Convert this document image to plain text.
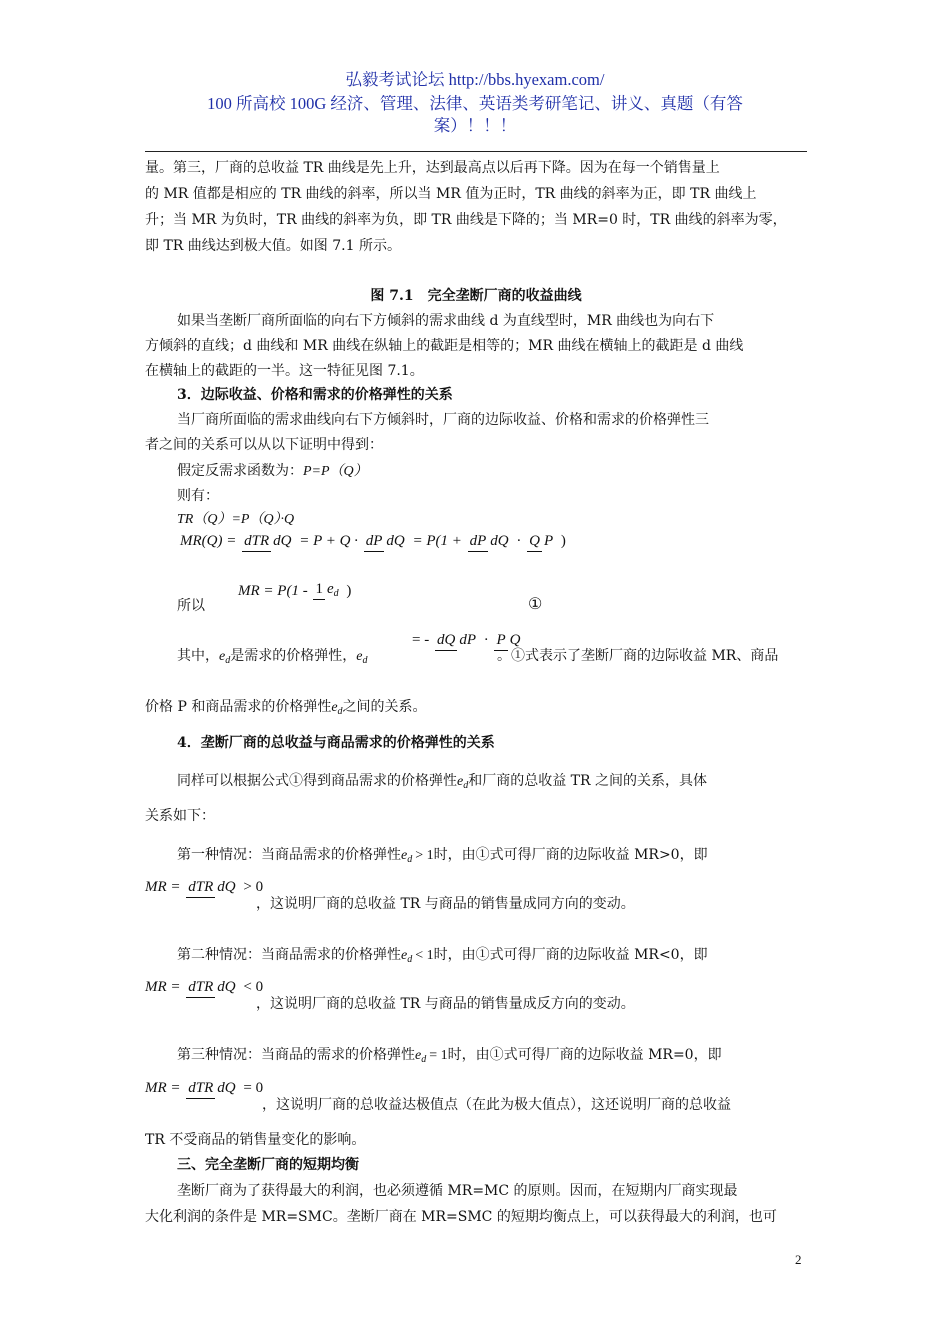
弘毅考试论坛 http://bbs.hyexam.com/
100 所高校 100G 经济、管理、法律、英语类考研笔记、讲义、真题（有答
案）！！！
量。第三，厂商的总收益 TR 曲线是先上升，达到最高点以后再下降。因为在每一个销售量上
的 MR 值都是相应的 TR 曲线的斜率，所以当 MR 值为正时，TR 曲线的斜率为正，即 TR 曲线上
升；当 MR 为负时，TR 曲线的斜率为负，即 TR 曲线是下降的；当 MR=0 时，TR 曲线的斜率为零，
即 TR 曲线达到极大值。如图 7.1 所示。
图 7.1　完全垄断厂商的收益曲线
如果当垄断厂商所面临的向右下方倾斜的需求曲线 d 为直线型时，MR 曲线也为向右下
方倾斜的直线；d 曲线和 MR 曲线在纵轴上的截距是相等的；MR 曲线在横轴上的截距是 d 曲线
在横轴上的截距的一半。这一特征见图 7.1。
3．边际收益、价格和需求的价格弹性的关系
当厂商所面临的需求曲线向右下方倾斜时，厂商的边际收益、价格和需求的价格弹性三
者之间的关系可以从以下证明中得到：
假定反需求函数为：P=P（Q）
则有：
TR（Q）=P（Q）·Q
MR(Q) = dTR dQ = P + Q · dP dQ = P(1 + dP dQ · Q P )
所以
MR = P(1 - 1 ed )
①
其中，$e_d$是需求的价格弹性，$e_d$
= - dQ dP · P Q
。①式表示了垄断厂商的边际收益 MR、商品
价格 P 和商品需求的价格弹性$e_d$之间的关系。
4．垄断厂商的总收益与商品需求的价格弹性的关系
同样可以根据公式①得到商品需求的价格弹性$e_d$和厂商的总收益 TR 之间的关系，具体
关系如下：
第一种情况：当商品需求的价格弹性$e_d > 1$时，由①式可得厂商的边际收益 MR>0，即
MR = dTR dQ > 0
，这说明厂商的总收益 TR 与商品的销售量成同方向的变动。
第二种情况：当商品需求的价格弹性$e_d < 1$时，由①式可得厂商的边际收益 MR<0，即
MR = dTR dQ < 0
，这说明厂商的总收益 TR 与商品的销售量成反方向的变动。
第三种情况：当商品的需求的价格弹性$e_d = 1$时，由①式可得厂商的边际收益 MR=0，即
MR = dTR dQ = 0
，这说明厂商的总收益达极值点（在此为极大值点），这还说明厂商的总收益
TR 不受商品的销售量变化的影响。
三、完全垄断厂商的短期均衡
垄断厂商为了获得最大的利润，也必须遵循 MR=MC 的原则。因而，在短期内厂商实现最
大化利润的条件是 MR=SMC。垄断厂商在 MR=SMC 的短期均衡点上，可以获得最大的利润，也可
2
